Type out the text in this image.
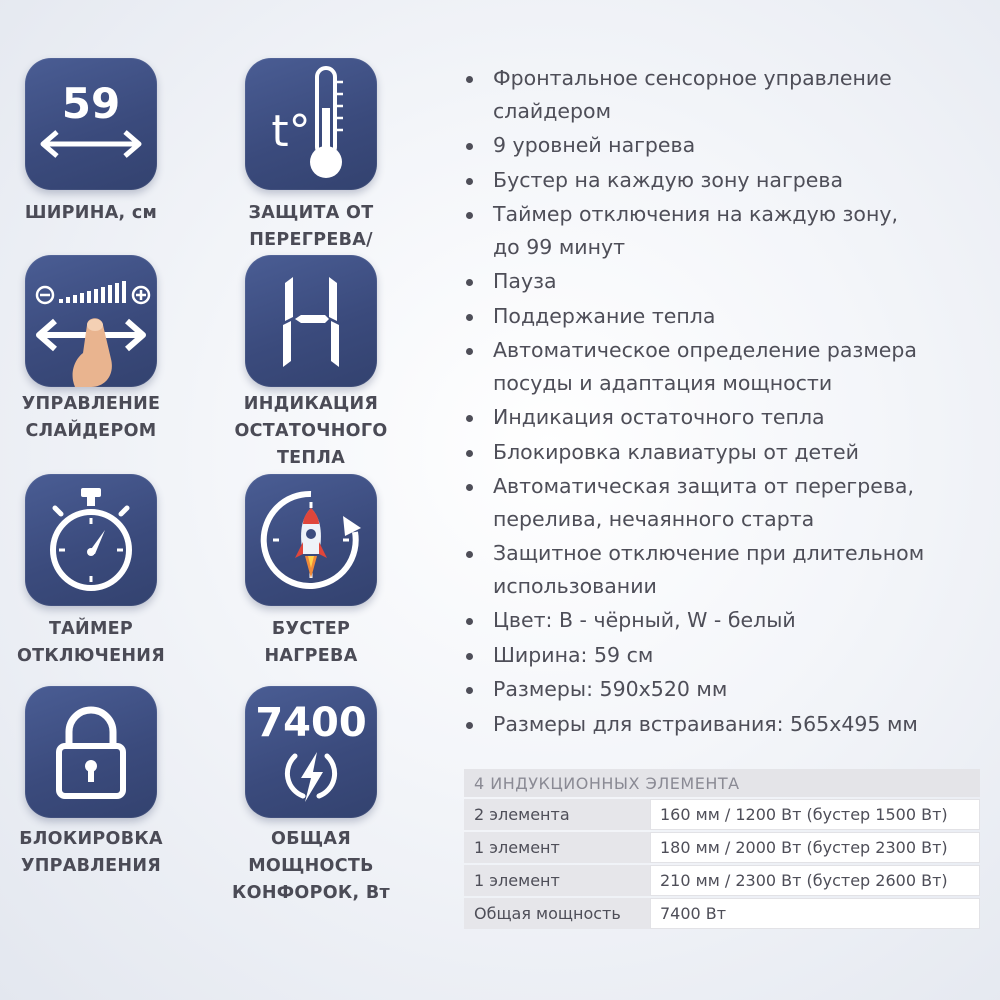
59
ШИРИНА, см
t°
ЗАЩИТА ОТ
ПЕРЕГРЕВА/
УПРАВЛЕНИЕ
СЛАЙДЕРОМ
ИНДИКАЦИЯ
ОСТАТОЧНОГО
ТЕПЛА
ТАЙМЕР
ОТКЛЮЧЕНИЯ
БУСТЕР
НАГРЕВА
БЛОКИРОВКА
УПРАВЛЕНИЯ
7400
ОБЩАЯ
МОЩНОСТЬ
КОНФОРОК, Вт
Фронтальное сенсорное управление
слайдером
9 уровней нагрева
Бустер на каждую зону нагрева
Таймер отключения на каждую зону,
до 99 минут
Пауза
Поддержание тепла
Автоматическое определение размера
посуды и адаптация мощности
Индикация остаточного тепла
Блокировка клавиатуры от детей
Автоматическая защита от перегрева,
перелива, нечаянного старта
Защитное отключение при длительном
использовании
Цвет: B - чёрный, W - белый
Ширина: 59 см
Размеры: 590x520 мм
Размеры для встраивания: 565x495 мм
4 ИНДУКЦИОННЫХ ЭЛЕМЕНТА	
2 элемента	160 мм / 1200 Вт (бустер 1500 Вт)
1 элемент	180 мм / 2000 Вт (бустер 2300 Вт)
1 элемент	210 мм / 2300 Вт (бустер 2600 Вт)
Общая мощность	7400 Вт
